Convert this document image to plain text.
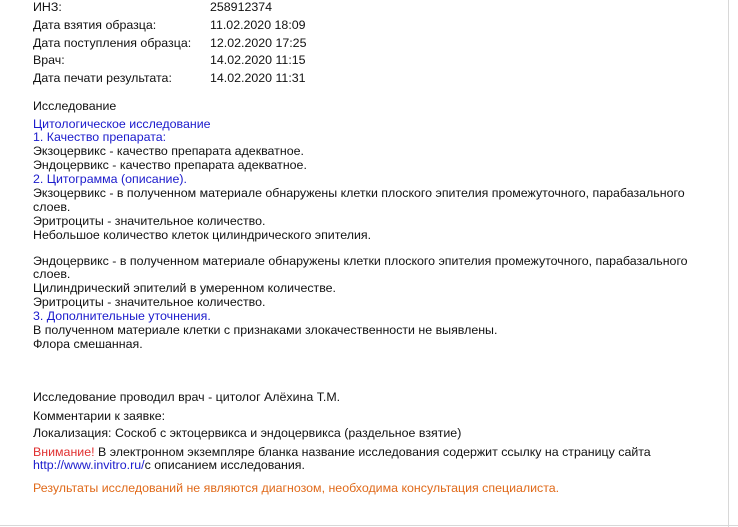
ИНЗ:	258912374
Дата взятия образца:	11.02.2020 18:09
Дата поступления образца: 12.02.2020 17:25
Врач:	14.02.2020 11:15
Дата печати результата:	14.02.2020 11:31
Исследование
Цитологическое исследование
1. Качество препарата:
Экзоцервикс - качество препарата адекватное.
Эндоцервикс - качество препарата адекватное.
2. Цитограмма (описание).
Экзоцервикс - в полученном материале обнаружены клетки плоского эпителия промежуточного, парабазального
слоев.
Эритроциты - значительное количество.
Небольшое количество клеток цилиндрического эпителия.
Эндоцервикс - в полученном материале обнаружены клетки плоского эпителия промежуточного, парабазального
слоев.
Цилиндрический эпителий в умеренном количестве.
Эритроциты - значительное количество.
3. Дополнительные уточнения.
В полученном материале клетки с признаками злокачественности не выявлены.
Флора смешанная.
Исследование проводил врач - цитолог Алёхина Т.М.
Комментарии к заявке:
Локализация: Соскоб с эктоцервикса и эндоцервикса (раздельное взятие)
Внимание! В электронном экземпляре бланка название исследования содержит ссылку на страницу сайта
http://www.invitro.ru/с описанием исследования.
Результаты исследований не являются диагнозом, необходима консультация специалиста.
